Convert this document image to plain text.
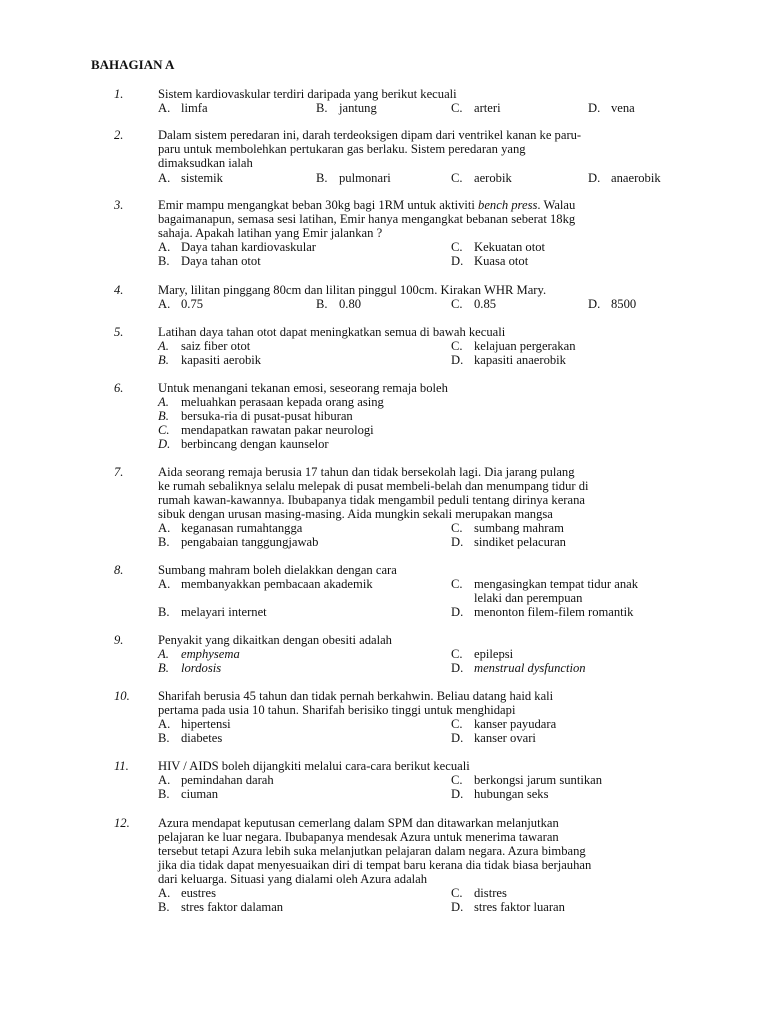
BAHAGIAN A
1.	Sistem kardiovaskular terdiri daripada yang berikut kecuali
A. limfa	B. jantung	C. arteri	D. vena
2.	Dalam sistem peredaran ini, darah terdeoksigen dipam dari ventrikel kanan ke paru-
paru untuk membolehkan pertukaran gas berlaku. Sistem peredaran yang
dimaksudkan ialah
A. sistemik	B. pulmonari	C. aerobik	D. anaerobik
3.	Emir mampu mengangkat beban 30kg bagi 1RM untuk aktiviti bench press. Walau
bagaimanapun, semasa sesi latihan, Emir hanya mengangkat bebanan seberat 18kg
sahaja. Apakah latihan yang Emir jalankan ?
A. Daya tahan kardiovaskular	C. Kekuatan otot
B. Daya tahan otot	D. Kuasa otot
4.	Mary, lilitan pinggang 80cm dan lilitan pinggul 100cm. Kirakan WHR Mary.
A. 0.75	B. 0.80	C. 0.85	D. 8500
5.	Latihan daya tahan otot dapat meningkatkan semua di bawah kecuali
A. saiz fiber otot	C. kelajuan pergerakan
B. kapasiti aerobik	D. kapasiti anaerobik
6.	Untuk menangani tekanan emosi, seseorang remaja boleh
A. meluahkan perasaan kepada orang asing
B. bersuka-ria di pusat-pusat hiburan
C. mendapatkan rawatan pakar neurologi
D. berbincang dengan kaunselor
7.	Aida seorang remaja berusia 17 tahun dan tidak bersekolah lagi. Dia jarang pulang
ke rumah sebaliknya selalu melepak di pusat membeli-belah dan menumpang tidur di
rumah kawan-kawannya. Ibubapanya tidak mengambil peduli tentang dirinya kerana
sibuk dengan urusan masing-masing. Aida mungkin sekali merupakan mangsa
A. keganasan rumahtangga	C. sumbang mahram
B. pengabaian tanggungjawab	D. sindiket pelacuran
8.	Sumbang mahram boleh dielakkan dengan cara
A. membanyakkan pembacaan akademik	C. mengasingkan tempat tidur anak
lelaki dan perempuan
B. melayari internet	D. menonton filem-filem romantik
9.	Penyakit yang dikaitkan dengan obesiti adalah
A. emphysema	C. epilepsi
B. lordosis	D. menstrual dysfunction
10. Sharifah berusia 45 tahun dan tidak pernah berkahwin. Beliau datang haid kali
pertama pada usia 10 tahun. Sharifah berisiko tinggi untuk menghidapi
A. hipertensi	C. kanser payudara
B. diabetes	D. kanser ovari
11. HIV / AIDS boleh dijangkiti melalui cara-cara berikut kecuali
A. pemindahan darah	C. berkongsi jarum suntikan
B. ciuman	D. hubungan seks
12. Azura mendapat keputusan cemerlang dalam SPM dan ditawarkan melanjutkan
pelajaran ke luar negara. Ibubapanya mendesak Azura untuk menerima tawaran
tersebut tetapi Azura lebih suka melanjutkan pelajaran dalam negara. Azura bimbang
jika dia tidak dapat menyesuaikan diri di tempat baru kerana dia tidak biasa berjauhan
dari keluarga. Situasi yang dialami oleh Azura adalah
A. eustres	C. distres
B. stres faktor dalaman	D. stres faktor luaran
